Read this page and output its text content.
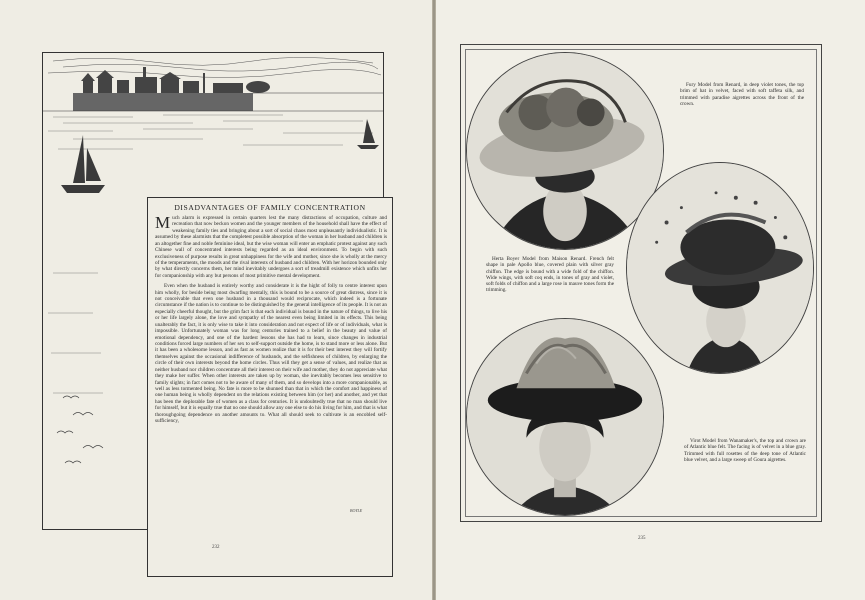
DISADVANTAGES OF FAMILY CONCENTRATION

Much alarm is expressed in certain quarters lest the many distractions of occupation, culture and recreation that now beckon women and the younger members of the household shall have the effect of weakening family ties and bringing about a sort of social chaos most unpleasantly individualistic. It is assumed by these alarmists that the completest possible absorption of the woman in her husband and children is an altogether fine and noble feminine ideal, but the wise woman will enter an emphatic protest against any such Chinese wall of concentrated interests being regarded as an ideal environment. To begin with such exclusiveness of purpose results in great unhappiness for the wife and mother, since she is wholly at the mercy of the temperaments, the moods and the rival interests of husband and children. With her horizon bounded only by what directly concerns them, her mind inevitably undergoes a sort of treadmill existence which unfits her for companionship with any but persons of most primitive mental development.

Even when the husband is entirely worthy and considerate it is the hight of folly to centre interest upon him wholly, for beside being most dwarfing mentally, this is bound to be a source of great distress, since it is not conceivable that even one husband in a thousand would reciprocate, which indeed is a fortunate circumstance if the nation is to continue to be distinguished by the general intelligence of its people. It is not an especially cheerful thought, but the grim fact is that each individual is bound in the nature of things, to live his or her life largely alone, the love and sympathy of the nearest even being limited in its effects. This being unalterably the fact, it is only wise to take it into consideration and not expect of life or of individuals, what is impossible. Unfortunately woman was for long centuries trained to a belief in the beauty and value of emotional dependency, and one of the hardest lessons she has had to learn, since changes in industrial conditions forced large numbers of her sex to self-support outside the home, is to stand more or less alone. But it has been a wholesome lesson, and as fast as women realize that it is for their best interest they will fortify themselves against the occasional indifference of husbands, and the selfishness of children, by enlarging the circle of their own interests beyond the home circles. Thus will they get a sense of values, and realize that as neither husband nor children concentrate all their interest on their wife and mother, they do not appreciate what they make her suffer. When other interests are taken up by woman, she inevitably becomes less sensitive to family slights; in fact comes not to be aware of many of them, and so develops into a more companionable, as well as less tormented being. No fate is more to be shunned than that in which the comfort and happiness of one human being is wholly dependent on the relations existing between him (or her) and another, and yet that has been the deplorable fate of women as a class for centuries. It is undoubtedly true that no man should live for himself, but it is equally true that no one should allow any one else to do his living for him, and that is what thoroughgoing dependence on another amounts to. What all should seek to cultivate is an encobled self-sufficiency,

BOYLE
232

Fury Model from Renard, in deep violet tones, the top brim of hat in velvet, faced with soft taffeta silk, and trimmed with paradise aigrettes across the front of the crown.

Herta Boyer Model from Maison Renard. French felt shape in pale Apollo blue, covered plain with silver gray chiffon. The edge is bound with a wide fold of the chiffon. Wide wings, with soft coq ends, in tones of gray and violet, soft folds of chiffon and a large rose in mauve tones form the trimming.

Virot Model from Wanamaker's, the top and crown are of Atlantic blue felt. The facing is of velvet in a blue gray. Trimmed with full rosettes of the deep tone of Atlantic blue velvet, and a large sweep of Goura aigrettes.

235
